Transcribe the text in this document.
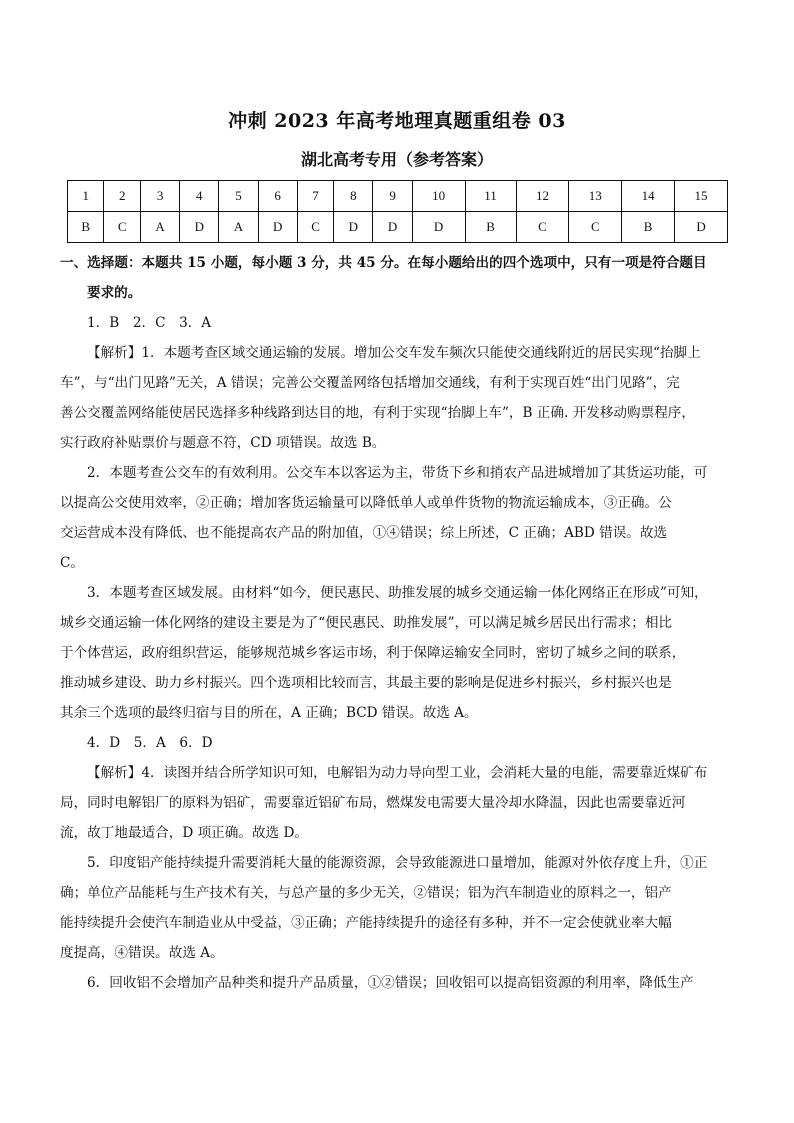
冲刺 2023 年高考地理真题重组卷 03
湖北高考专用（参考答案）
1	2	3	4	5	6	7	8	9	10	11	12	13	14	15
B	C	A	D	A	D	C	D	D	D	B	C	C	B	D

一、选择题：本题共 15 小题，每小题 3 分，共 45 分。在每小题给出的四个选项中，只有一项是符合题目

要求的。

1．B　2．C　3．A

【解析】1．本题考查区域交通运输的发展。增加公交车发车频次只能使交通线附近的居民实现“抬脚上

车”，与“出门见路”无关，A 错误；完善公交覆盖网络包括增加交通线，有利于实现百姓“出门见路”，完

善公交覆盖网络能使居民选择多种线路到达目的地，有利于实现“抬脚上车”，B 正确. 开发移动购票程序，

实行政府补贴票价与题意不符，CD 项错误。故选 B。

2．本题考查公交车的有效利用。公交车本以客运为主，带货下乡和捎农产品进城增加了其货运功能，可

以提高公交使用效率，②正确；增加客货运输量可以降低单人或单件货物的物流运输成本，③正确。公

交运营成本没有降低、也不能提高农产品的附加值，①④错误；综上所述，C 正确；ABD 错误。故选

C。

3．本题考查区域发展。由材料“如今，便民惠民、助推发展的城乡交通运输一体化网络正在形成”可知，

城乡交通运输一体化网络的建设主要是为了“便民惠民、助推发展”，可以满足城乡居民出行需求；相比

于个体营运，政府组织营运，能够规范城乡客运市场，利于保障运输安全同时，密切了城乡之间的联系，

推动城乡建设、助力乡村振兴。四个选项相比较而言，其最主要的影响是促进乡村振兴，乡村振兴也是

其余三个选项的最终归宿与目的所在，A 正确；BCD 错误。故选 A。

4．D　5．A　6．D

【解析】4．读图并结合所学知识可知，电解铝为动力导向型工业，会消耗大量的电能，需要靠近煤矿布

局，同时电解铝厂的原料为铝矿，需要靠近铝矿布局，燃煤发电需要大量冷却水降温，因此也需要靠近河

流，故丁地最适合，D 项正确。故选 D。

5．印度铝产能持续提升需要消耗大量的能源资源，会导致能源进口量增加，能源对外依存度上升，①正

确；单位产品能耗与生产技术有关，与总产量的多少无关，②错误；铝为汽车制造业的原料之一，铝产

能持续提升会使汽车制造业从中受益，③正确；产能持续提升的途径有多种，并不一定会使就业率大幅

度提高，④错误。故选 A。

6．回收铝不会增加产品种类和提升产品质量，①②错误；回收铝可以提高铝资源的利用率，降低生产
